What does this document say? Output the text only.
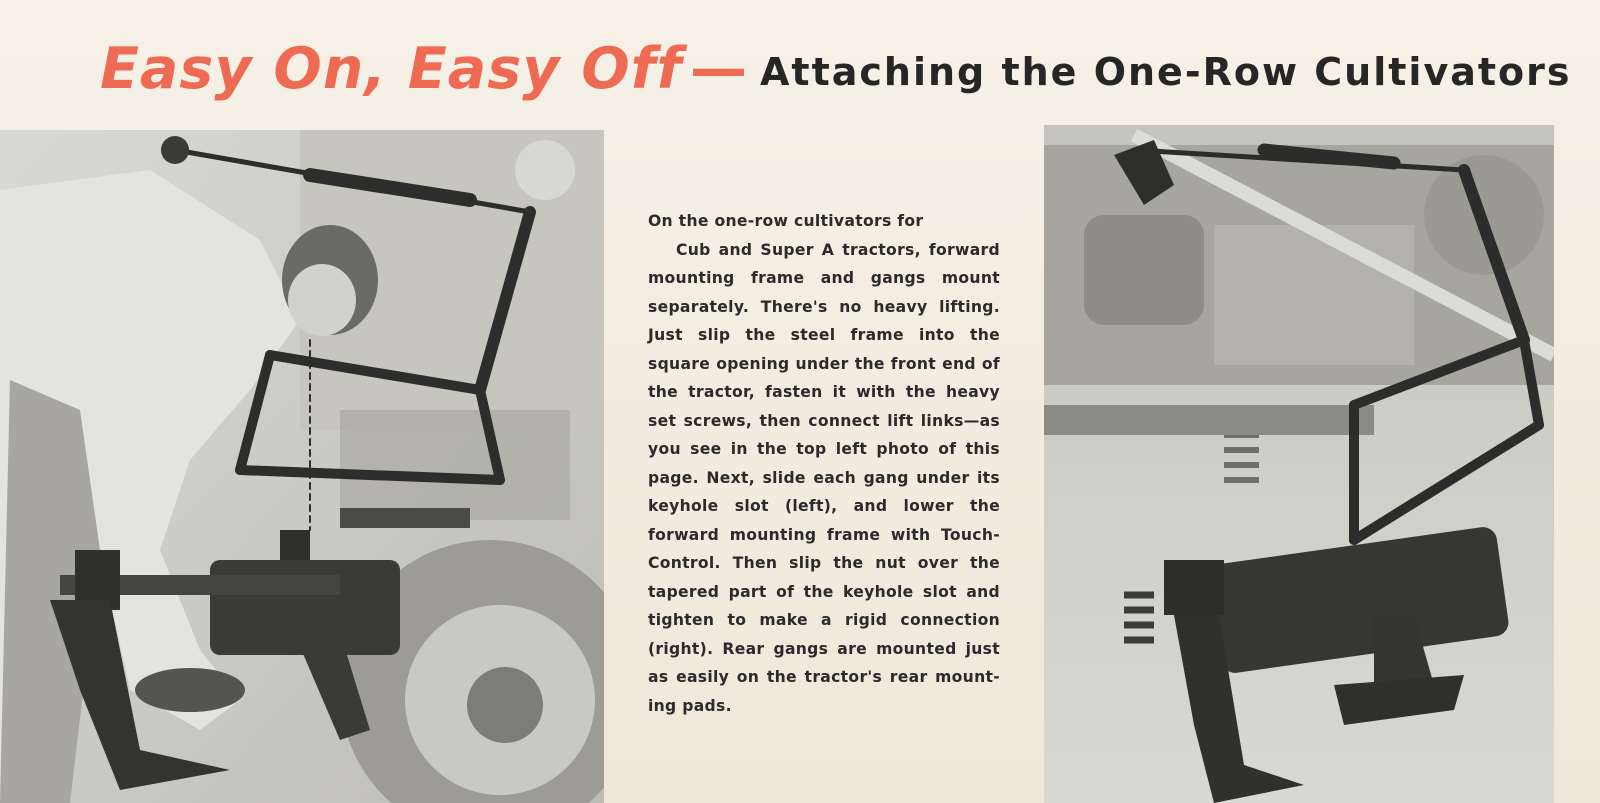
Easy On, Easy Off — Attaching the One-Row Cultivators
On the one-row cultivators for
Cub and Super A tractors, forward
mounting frame and gangs mount
separately. There's no heavy lifting.
Just slip the steel frame into the
square opening under the front end of
the tractor, fasten it with the heavy
set screws, then connect lift links—as
you see in the top left photo of this
page. Next, slide each gang under its
keyhole slot (left), and lower the
forward mounting frame with Touch-
Control. Then slip the nut over the
tapered part of the keyhole slot and
tighten to make a rigid connection
(right). Rear gangs are mounted just
as easily on the tractor's rear mount-
ing pads.
